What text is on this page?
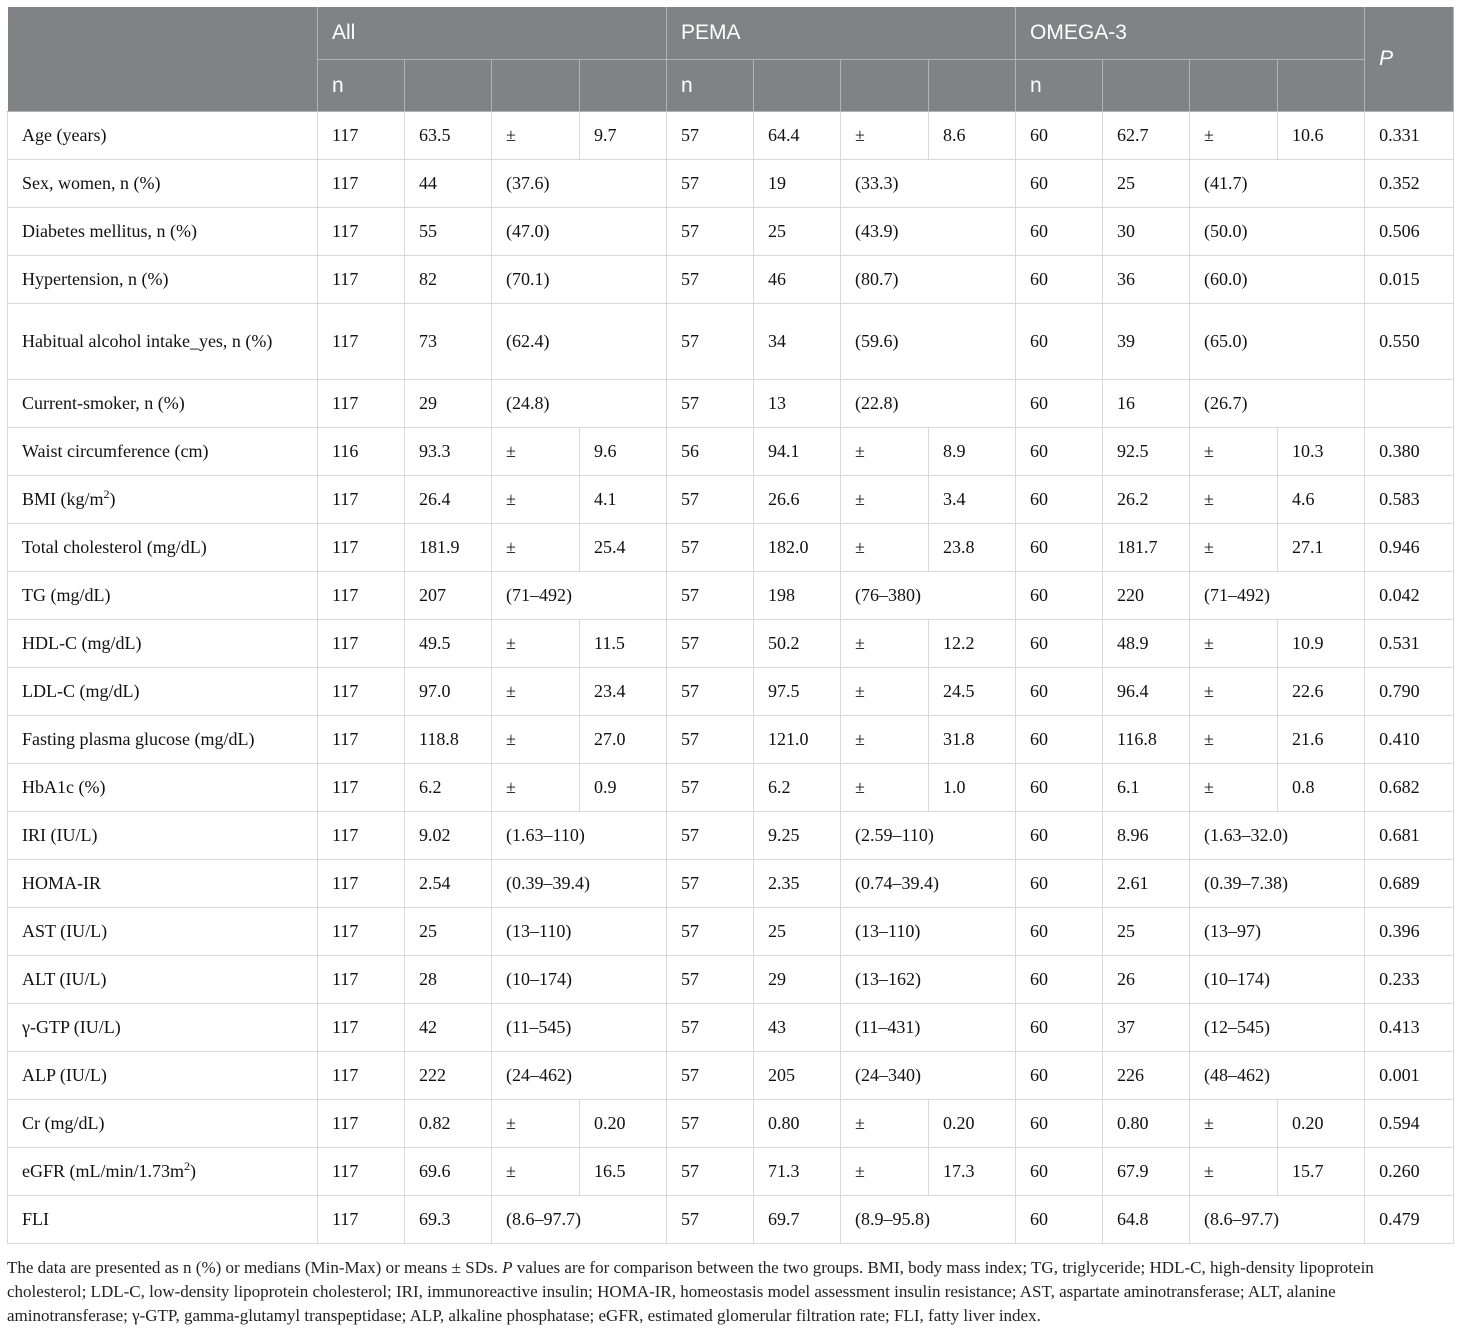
	All				PEMA				OMEGA-3				P
	n				n				n				
Age (years)	117	63.5	±	9.7	57	64.4	±	8.6	60	62.7	±	10.6	0.331
Sex, women, n (%)	117	44	(37.6)		57	19	(33.3)		60	25	(41.7)		0.352
Diabetes mellitus, n (%)	117	55	(47.0)		57	25	(43.9)		60	30	(50.0)		0.506
Hypertension, n (%)	117	82	(70.1)		57	46	(80.7)		60	36	(60.0)		0.015
Habitual alcohol intake_yes, n (%)	117	73	(62.4)		57	34	(59.6)		60	39	(65.0)		0.550
Current-smoker, n (%)	117	29	(24.8)		57	13	(22.8)		60	16	(26.7)		
Waist circumference (cm)	116	93.3	±	9.6	56	94.1	±	8.9	60	92.5	±	10.3	0.380
BMI $(kg/m^2)$	117	26.4	±	4.1	57	26.6	±	3.4	60	26.2	±	4.6	0.583
Total cholesterol (mg/dL)	117	181.9	±	25.4	57	182.0	±	23.8	60	181.7	±	27.1	0.946
TG (mg/dL)	117	207	(71–492)		57	198	(76–380)		60	220	(71–492)		0.042
HDL-C (mg/dL)	117	49.5	±	11.5	57	50.2	±	12.2	60	48.9	±	10.9	0.531
LDL-C (mg/dL)	117	97.0	±	23.4	57	97.5	±	24.5	60	96.4	±	22.6	0.790
Fasting plasma glucose (mg/dL)	117	118.8	±	27.0	57	121.0	±	31.8	60	116.8	±	21.6	0.410
HbA1c (%)	117	6.2	±	0.9	57	6.2	±	1.0	60	6.1	±	0.8	0.682
IRI (IU/L)	117	9.02	(1.63–110)		57	9.25	(2.59–110)		60	8.96	(1.63–32.0)		0.681
HOMA-IR	117	2.54	(0.39–39.4)		57	2.35	(0.74–39.4)		60	2.61	(0.39–7.38)		0.689
AST (IU/L)	117	25	(13–110)		57	25	(13–110)		60	25	(13–97)		0.396
ALT (IU/L)	117	28	(10–174)		57	29	(13–162)		60	26	(10–174)		0.233
γ-GTP (IU/L)	117	42	(11–545)		57	43	(11–431)		60	37	(12–545)		0.413
ALP (IU/L)	117	222	(24–462)		57	205	(24–340)		60	226	(48–462)		0.001
Cr (mg/dL)	117	0.82	±	0.20	57	0.80	±	0.20	60	0.80	±	0.20	0.594
eGFR $(mL/\min/1.73m^2)$	117	69.6	±	16.5	57	71.3	±	17.3	60	67.9	±	15.7	0.260
FLI	117	69.3	(8.6–97.7)		57	69.7	(8.9–95.8)		60	64.8	(8.6–97.7)		0.479
The data are presented as n (%) or medians (Min-Max) or means ± SDs. P values are for comparison between the two groups. BMI, body mass index; TG, triglyceride; HDL-C, high-density lipoprotein cholesterol; LDL-C, low-density lipoprotein cholesterol; IRI, immunoreactive insulin; HOMA-IR, homeostasis model assessment insulin resistance; AST, aspartate aminotransferase; ALT, alanine aminotransferase; γ-GTP, gamma-glutamyl transpeptidase; ALP, alkaline phosphatase; eGFR, estimated glomerular filtration rate; FLI, fatty liver index.
